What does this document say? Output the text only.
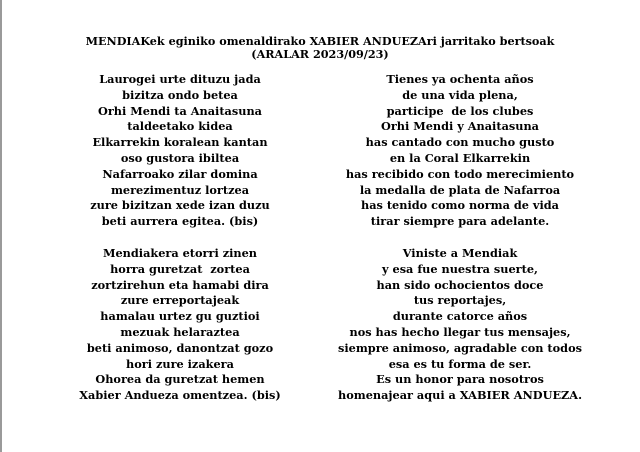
MENDIAKek eginiko omenaldirako XABIER ANDUEZAri jarritako bertsoak
(ARALAR 2023/09/23)
Laurogei urte dituzu jada
bizitza ondo betea
Orhi Mendi ta Anaitasuna
taldeetako kidea
Elkarrekin koralean kantan
oso gustora ibiltea
Nafarroako zilar domina
merezimentuz lortzea
zure bizitzan xede izan duzu
beti aurrera egitea. (bis)
Tienes ya ochenta años
de una vida plena,
participe  de los clubes
Orhi Mendi y Anaitasuna
has cantado con mucho gusto
en la Coral Elkarrekin
has recibido con todo merecimiento
la medalla de plata de Nafarroa
has tenido como norma de vida
tirar siempre para adelante.
Mendiakera etorri zinen
horra guretzat  zortea
zortzirehun eta hamabi dira
zure erreportajeak
hamalau urtez gu guztioi
mezuak helaraztea
beti animoso, danontzat gozo
hori zure izakera
Ohorea da guretzat hemen
Xabier Andueza omentzea. (bis)
Viniste a Mendiak
y esa fue nuestra suerte,
han sido ochocientos doce
tus reportajes,
durante catorce años
nos has hecho llegar tus mensajes,
siempre animoso, agradable con todos
esa es tu forma de ser.
Es un honor para nosotros
homenajear aqui a XABIER ANDUEZA.
